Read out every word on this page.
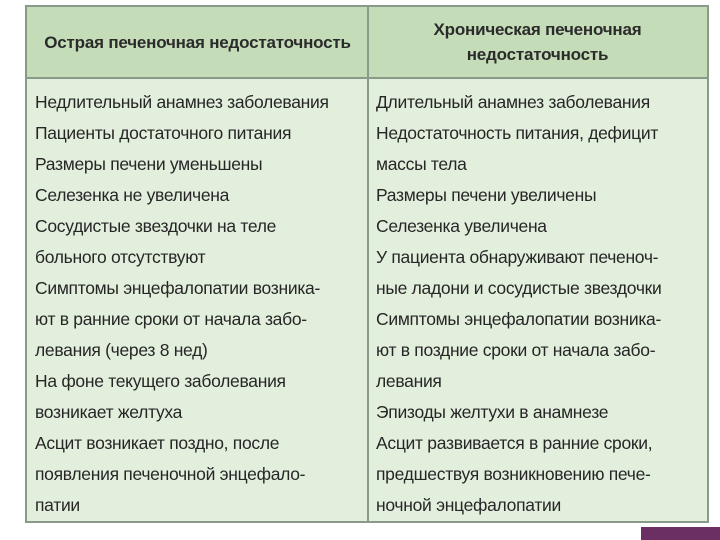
Острая печеночная недостаточность
Хроническая печеночная недостаточность
Недлительный анамнез заболевания
Пациенты достаточного питания
Размеры печени уменьшены
Селезенка не увеличена
Сосудистые звездочки на теле
больного отсутствуют
Симптомы энцефалопатии возника-
ют в ранние сроки от начала забо-
левания (через 8 нед)
На фоне текущего заболевания
возникает желтуха
Асцит возникает поздно, после
появления печеночной энцефало-
патии
Длительный анамнез заболевания
Недостаточность питания, дефицит
массы тела
Размеры печени увеличены
Селезенка увеличена
У пациента обнаруживают печеноч-
ные ладони и сосудистые звездочки
Симптомы энцефалопатии возника-
ют в поздние сроки от начала забо-
левания
Эпизоды желтухи в анамнезе
Асцит развивается в ранние сроки,
предшествуя возникновению пече-
ночной энцефалопатии
